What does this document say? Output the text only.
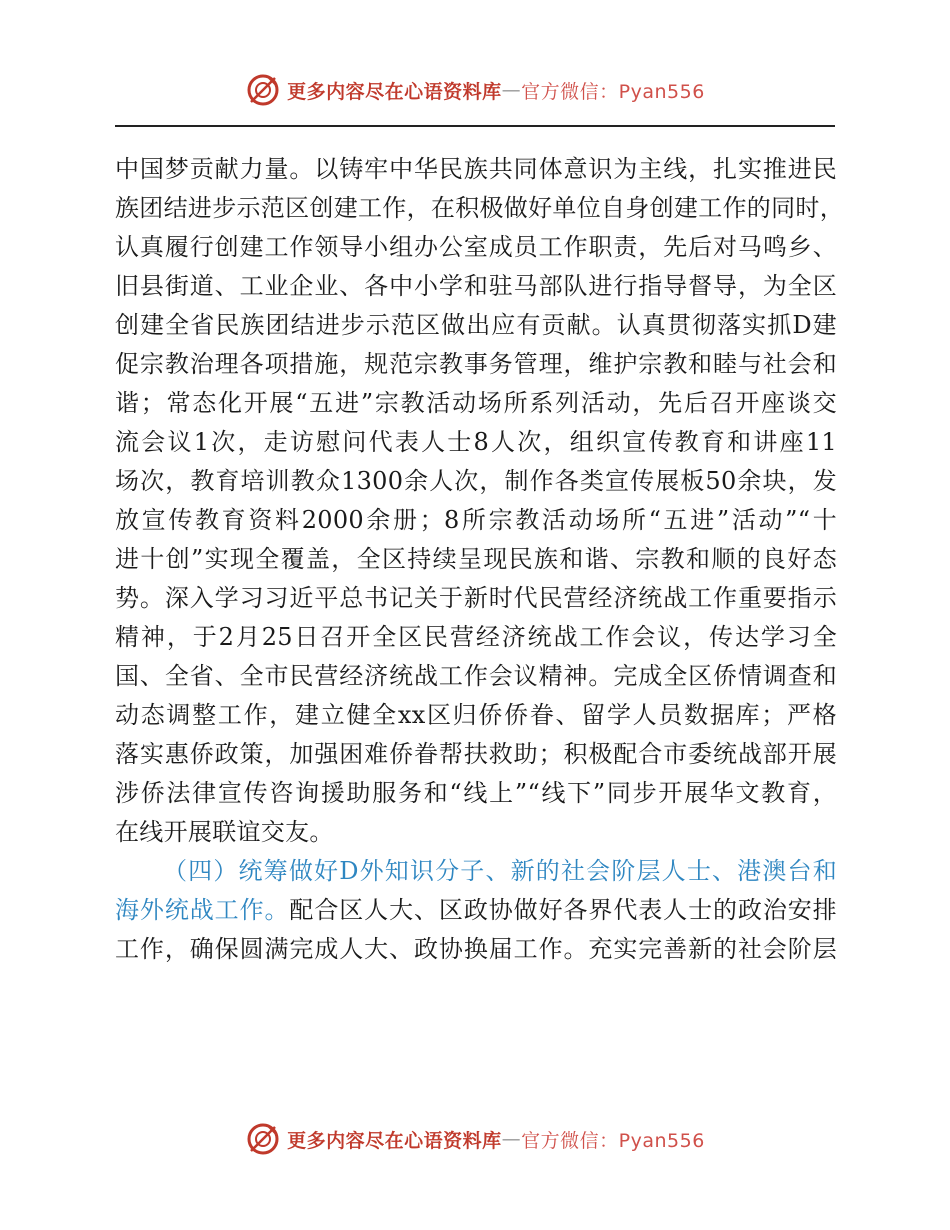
更多内容尽在心语资料库 — 官方微信：Pyan556
中国梦贡献力量。以铸牢中华民族共同体意识为主线，扎实推进民
族团结进步示范区创建工作，在积极做好单位自身创建工作的同时，
认真履行创建工作领导小组办公室成员工作职责，先后对马鸣乡、
旧县街道、工业企业、各中小学和驻马部队进行指导督导，为全区
创建全省民族团结进步示范区做出应有贡献。认真贯彻落实抓D建
促宗教治理各项措施，规范宗教事务管理，维护宗教和睦与社会和
谐；常态化开展“五进”宗教活动场所系列活动，先后召开座谈交
流会议1次，走访慰问代表人士8人次，组织宣传教育和讲座11
场次，教育培训教众1300余人次，制作各类宣传展板50余块，发
放宣传教育资料2000余册；8所宗教活动场所“五进”活动”“十
进十创”实现全覆盖，全区持续呈现民族和谐、宗教和顺的良好态
势。深入学习习近平总书记关于新时代民营经济统战工作重要指示
精神，于2月25日召开全区民营经济统战工作会议，传达学习全
国、全省、全市民营经济统战工作会议精神。完成全区侨情调查和
动态调整工作，建立健全xx区归侨侨眷、留学人员数据库；严格
落实惠侨政策，加强困难侨眷帮扶救助；积极配合市委统战部开展
涉侨法律宣传咨询援助服务和“线上”“线下”同步开展华文教育，
在线开展联谊交友。
（四）统筹做好D外知识分子、新的社会阶层人士、港澳台和
海外统战工作。配合区人大、区政协做好各界代表人士的政治安排
工作，确保圆满完成人大、政协换届工作。充实完善新的社会阶层
更多内容尽在心语资料库 — 官方微信：Pyan556
